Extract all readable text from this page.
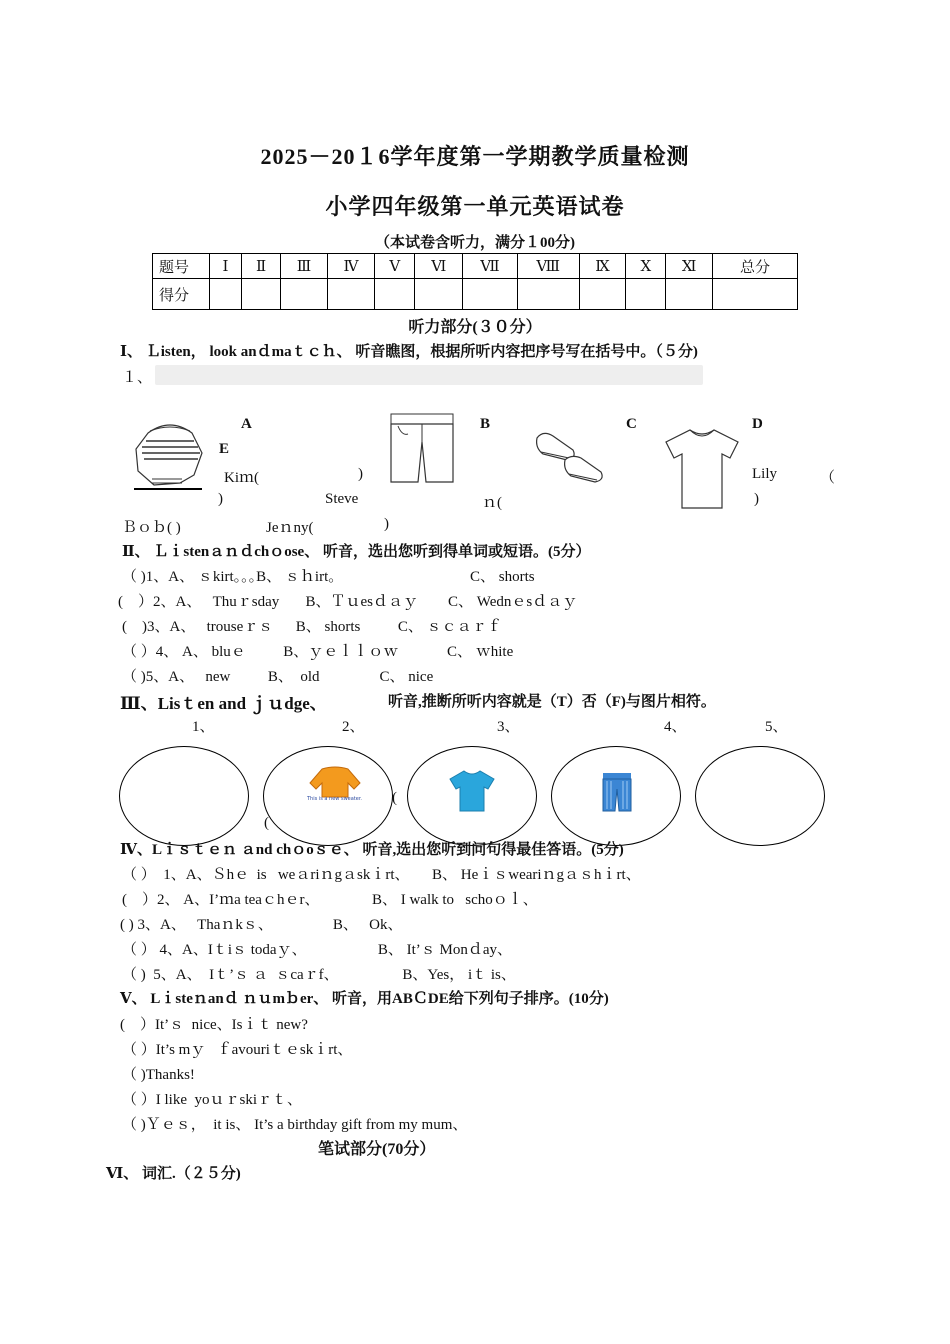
2025－20１6学年度第一学期教学质量检测
小学四年级第一单元英语试卷
（本试卷含听力，满分１00分)
题号	Ⅰ	Ⅱ	Ⅲ	Ⅳ	Ⅴ	Ⅵ	Ⅶ	Ⅷ	Ⅸ	Ⅹ	Ⅺ	总分
得分												
听力部分(３０分）
Ⅰ、 Ｌisten， look anｄmaｔｃｈ、 听音瞧图，根据所听内容把序号写在括号中。（５分)
１、
A
E
Kiｍ(	)
)	Steve
B
ｎ(
C	D
Lily	（
)
Ｂｏｂ( )	Jeｎny(	)
Ⅱ、 Ｌｉstenａｎｄchｏose、 听音，选出您听到得单词或短语。(5分）
（ )1、A、 ｓkirt｡｡｡B、 ｓｈirt｡	C、 shorts
(    ）2、A、   Thuｒsday       B、Ｔｕesｄａｙ        C、 Wednｅsｄａｙ
(    )3、A、   trouseｒｓ      B、 shorts          C、 ｓｃａｒｆ
（ ）4、 A、 bluｅ          B、ｙｅｌｌｏｗ             C、 ｗhite
（ )5、A、   new          B、  old                C、 nice
Ⅲ、Lisｔen and ｊｕdge、	听音,推断所听内容就是（T）否（F)与图片相符。
1、	2、	3、	4、	5、
(
This is a new sweater. (
Ⅳ、Lｉｓｔｅｎ ａnd chｏoｓｅ、 听音,选出您听到问句得最佳答语。(5分)
（ ）  1、A、Ｓhｅ  is   weａriｎgａskｉrt、      B、 Heｉｓweariｎgａｓhｉrt、
(    ）2、 A、I’ｍa teaｃhｅr、              B、 I walk to   schoｏｌ、
( ) 3、A、   Thaｎkｓ、                B、   Ok、
（ ） 4、A、Iｔiｓ todaｙ、                   B、 It’ｓ Monｄay、
（ )  5、A、  Iｔ’ｓ ａ  ｓcaｒf、                 B、Yes， iｔ is、
Ⅴ、 Lｉsteｎanｄ ｎｕmｂer、 听音，用ABＣDE给下列句子排序。(10分)
(    ）It’ｓ  nice、Isｉｔ new?
（ ）It’s mｙ   ｆavouriｔｅskｉrt、
（ )Thanks!
（ ）I like  yoｕｒskiｒｔ、
（ )Ｙｅｓ，  it is、 It’s a birthday gift from my mum、
笔试部分(70分）
Ⅵ、 词汇.（２５分)
